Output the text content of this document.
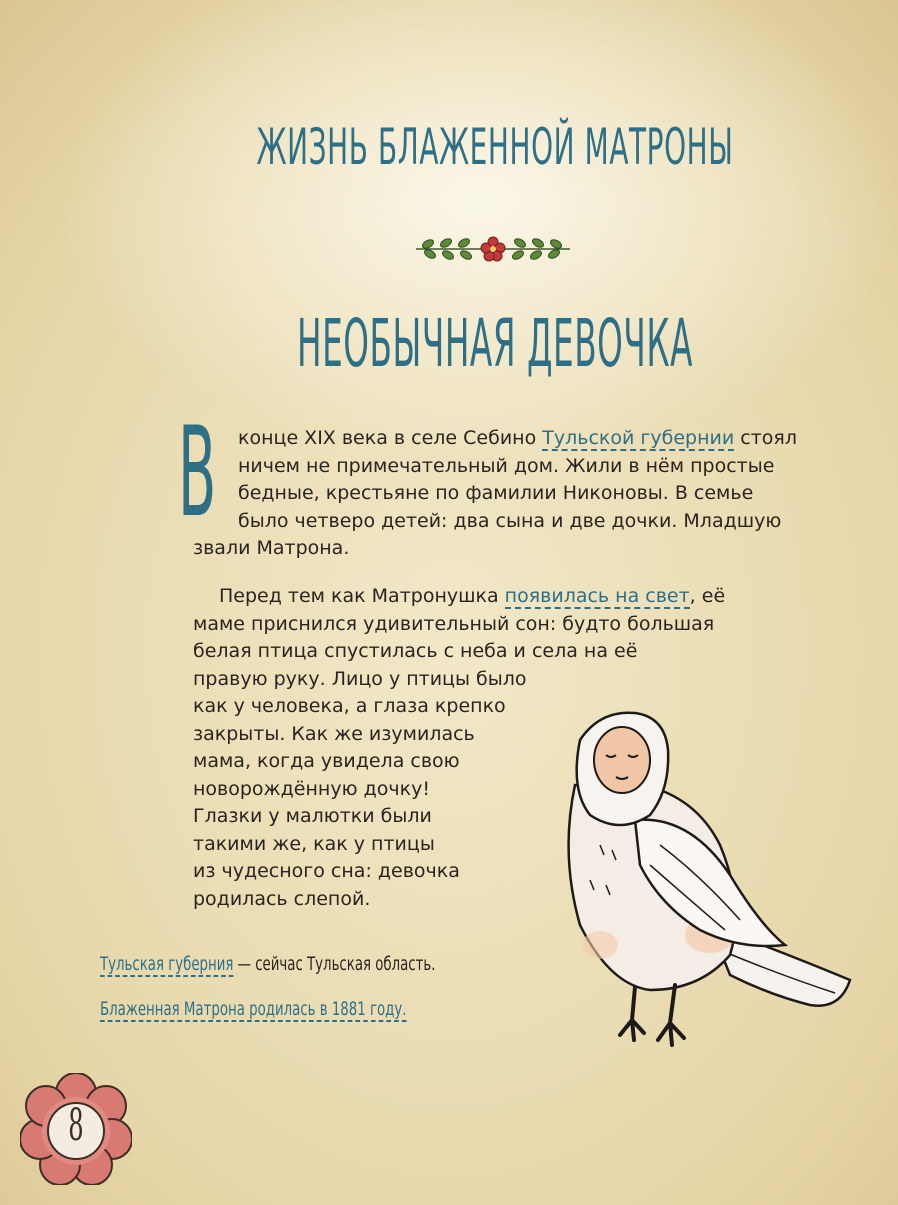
ЖИЗНЬ БЛАЖЕННОЙ МАТРОНЫ
НЕОБЫЧНАЯ ДЕВОЧКА
В	конце XIX века в селе Себино Тульской губернии стоял
ничем не примечательный дом. Жили в нём простые
бедные, крестьяне по фамилии Никоновы. В семье
было четверо детей: два сына и две дочки. Младшую
звали Матрона.
Перед тем как Матронушка появилась на свет, её
маме приснился удивительный сон: будто большая
белая птица спустилась с неба и села на её
правую руку. Лицо у птицы было
как у человека, а глаза крепко
закрыты. Как же изумилась
мама, когда увидела свою
новорождённую дочку!
Глазки у малютки были
такими же, как у птицы
из чудесного сна: девочка
родилась слепой.
Тульская губерния — сейчас Тульская область.
Блаженная Матрона родилась в 1881 году.
8
